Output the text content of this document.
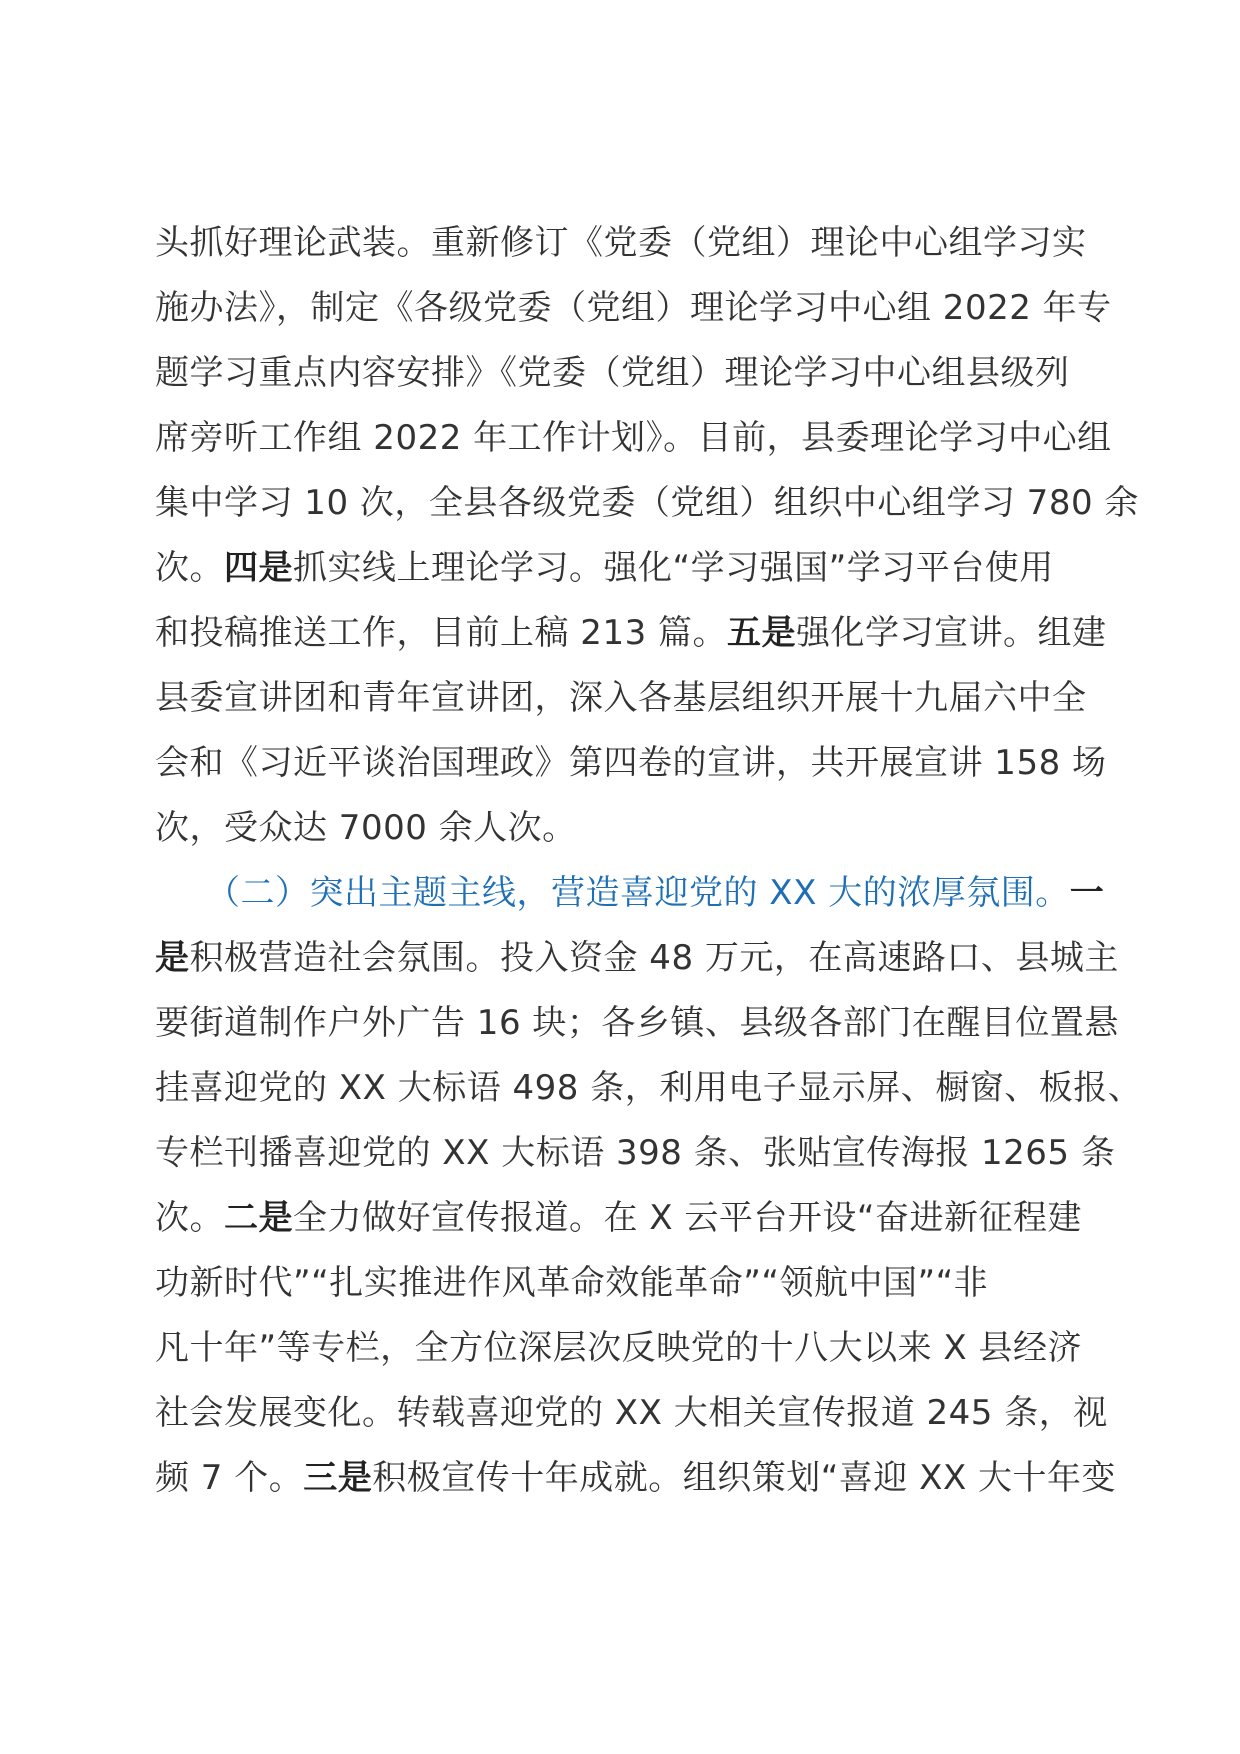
头抓好理论武装。重新修订《党委（党组）理论中心组学习实
施办法》，制定《各级党委（党组）理论学习中心组 2022 年专
题学习重点内容安排》《党委（党组）理论学习中心组县级列
席旁听工作组 2022 年工作计划》。目前，县委理论学习中心组
集中学习 10 次，全县各级党委（党组）组织中心组学习 780 余
次。四是抓实线上理论学习。强化“学习强国”学习平台使用
和投稿推送工作，目前上稿 213 篇。五是强化学习宣讲。组建
县委宣讲团和青年宣讲团，深入各基层组织开展十九届六中全
会和《习近平谈治国理政》第四卷的宣讲，共开展宣讲 158 场
次，受众达 7000 余人次。
（二）突出主题主线，营造喜迎党的 XX 大的浓厚氛围。一
是积极营造社会氛围。投入资金 48 万元，在高速路口、县城主
要街道制作户外广告 16 块；各乡镇、县级各部门在醒目位置悬
挂喜迎党的 XX 大标语 498 条，利用电子显示屏、橱窗、板报、
专栏刊播喜迎党的 XX 大标语 398 条、张贴宣传海报 1265 条
次。二是全力做好宣传报道。在 X 云平台开设“奋进新征程建
功新时代”“扎实推进作风革命效能革命”“领航中国”“非
凡十年”等专栏，全方位深层次反映党的十八大以来 X 县经济
社会发展变化。转载喜迎党的 XX 大相关宣传报道 245 条，视
频 7 个。三是积极宣传十年成就。组织策划“喜迎 XX 大十年变
